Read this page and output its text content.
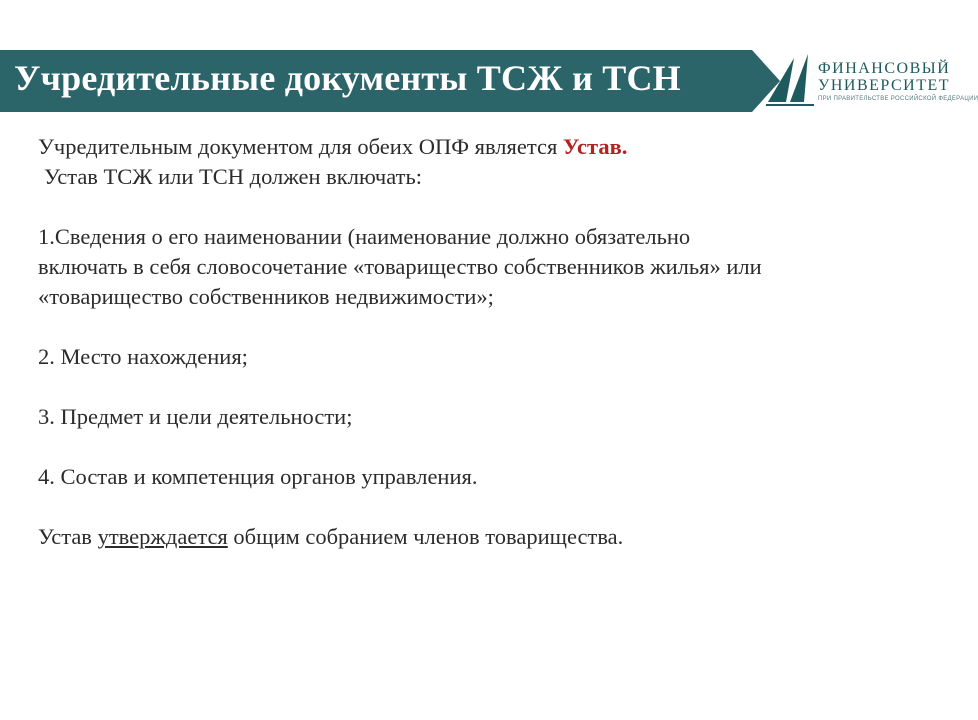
Учредительные документы ТСЖ и ТСН	ФИНАНСОВЫЙ
УНИВЕРСИТЕТ
ПРИ ПРАВИТЕЛЬСТВЕ РОССИЙСКОЙ ФЕДЕРАЦИИ

Учредительным документом для обеих ОПФ является Устав.

Устав ТСЖ или ТСН должен включать:

1.Сведения о его наименовании (наименование должно обязательно

включать в себя словосочетание «товарищество собственников жилья» или

«товарищество собственников недвижимости»;

2. Место нахождения;

3. Предмет и цели деятельности;

4. Состав и компетенция органов управления.

Устав утверждается общим собранием членов товарищества.
